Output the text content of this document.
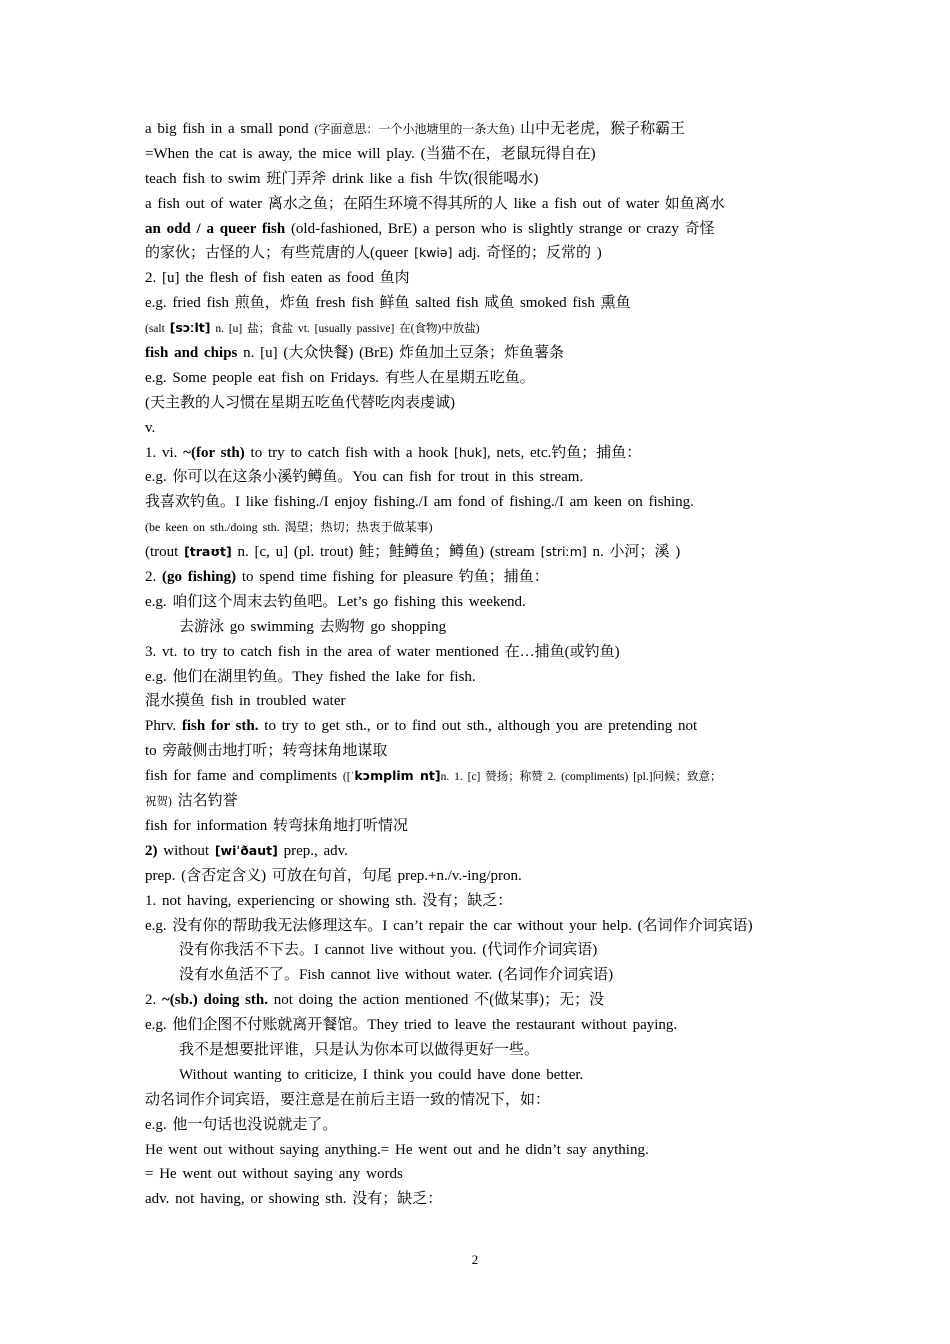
a big fish in a small pond (字面意思：一个小池塘里的一条大鱼) 山中无老虎，猴子称霸王
=When the cat is away, the mice will play. (当猫不在，老鼠玩得自在)
teach fish to swim 班门弄斧 drink like a fish 牛饮(很能喝水)
a fish out of water 离水之鱼；在陌生环境不得其所的人 like a fish out of water 如鱼离水
an odd / a queer fish (old-fashioned, BrE) a person who is slightly strange or crazy 奇怪
的家伙；古怪的人；有些荒唐的人(queer [kwiə] adj. 奇怪的；反常的 )
2. [u] the flesh of fish eaten as food 鱼肉
e.g. fried fish 煎鱼，炸鱼 fresh fish 鲜鱼 salted fish 咸鱼 smoked fish 熏鱼
(salt [sɔːlt] n. [u] 盐；食盐 vt. [usually passive] 在(食物)中放盐)
fish and chips n. [u] (大众快餐) (BrE) 炸鱼加土豆条；炸鱼薯条
e.g. Some people eat fish on Fridays. 有些人在星期五吃鱼。
(天主教的人习惯在星期五吃鱼代替吃肉表虔诚)
v.
1. vi. ~(for sth) to try to catch fish with a hook [huk], nets, etc.钓鱼；捕鱼：
e.g. 你可以在这条小溪钓鳟鱼。You can fish for trout in this stream.
我喜欢钓鱼。I like fishing./I enjoy fishing./I am fond of fishing./I am keen on fishing.
(be keen on sth./doing sth. 渴望；热切；热衷于做某事)
(trout [traʊt] n. [c, u] (pl. trout) 鲑；鲑鳟鱼；鳟鱼) (stream [striːm] n. 小河；溪 )
2. (go fishing) to spend time fishing for pleasure 钓鱼；捕鱼：
e.g. 咱们这个周末去钓鱼吧。Let’s go fishing this weekend.
去游泳 go swimming 去购物 go shopping
3. vt. to try to catch fish in the area of water mentioned 在…捕鱼(或钓鱼)
e.g. 他们在湖里钓鱼。They fished the lake for fish.
混水摸鱼 fish in troubled water
Phrv. fish for sth. to try to get sth., or to find out sth., although you are pretending not
to 旁敲侧击地打听；转弯抹角地谋取
fish for fame and compliments ([ˈkɔmplim nt]n. 1. [c] 赞扬；称赞 2. (compliments) [pl.]问候；致意；
祝贺) 沽名钓誉
fish for information 转弯抹角地打听情况
2) without [wiˈðaut] prep., adv.
prep. (含否定含义) 可放在句首，句尾 prep.+n./v.-ing/pron.
1. not having, experiencing or showing sth. 没有；缺乏：
e.g. 没有你的帮助我无法修理这车。I can’t repair the car without your help. (名词作介词宾语)
没有你我活不下去。I cannot live without you. (代词作介词宾语)
没有水鱼活不了。Fish cannot live without water. (名词作介词宾语)
2. ~(sb.) doing sth. not doing the action mentioned 不(做某事)；无；没
e.g. 他们企图不付账就离开餐馆。They tried to leave the restaurant without paying.
我不是想要批评谁，只是认为你本可以做得更好一些。
Without wanting to criticize, I think you could have done better.
动名词作介词宾语，要注意是在前后主语一致的情况下，如：
e.g. 他一句话也没说就走了。
He went out without saying anything.= He went out and he didn’t say anything.
= He went out without saying any words
adv. not having, or showing sth. 没有；缺乏：
2
